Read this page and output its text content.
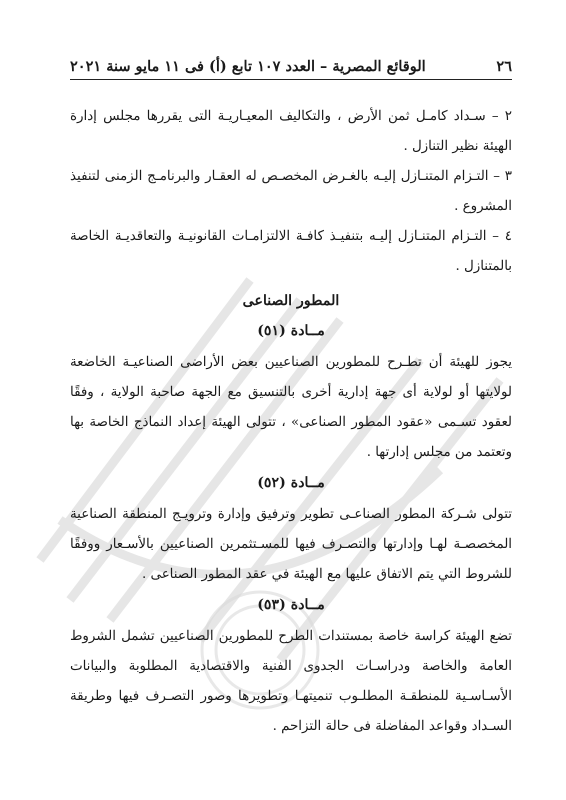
٢٦
الوقائع المصرية – العدد ١٠٧ تابع (أ) فى ١١ مايو سنة ٢٠٢١

٢ – سـداد كامـل ثمن الأرض ، والتكاليف المعيـاريـة التى يقررها مجلس إدارة الهيئة نظير التنازل .

٣ – التـزام المتنـازل إليـه بالغـرض المخصـص له العقـار والبرنامـج الزمنى لتنفيذ المشروع .

٤ – التـزام المتنـازل إليـه بتنفيـذ كافـة الالتزامـات القانونيـة والتعاقديـة الخاصة بالمتنازل .

المطور الصناعى

مــادة (٥١)

يجوز للهيئة أن تطـرح للمطورين الصناعيين بعض الأراضى الصناعيـة الخاضعة لولايتها أو لولاية أى جهة إدارية أخرى بالتنسيق مع الجهة صاحبة الولاية ، وفقًا لعقود تسـمى «عقود المطور الصناعى» ، تتولى الهيئة إعداد النماذج الخاصة بها وتعتمد من مجلس إدارتها .

مــادة (٥٢)

تتولى شـركة المطور الصناعـى تطوير وترفيق وإدارة وترويـج المنطقة الصناعية المخصصـة لهـا وإدارتها والتصـرف فيها للمسـتثمرين الصناعيين بالأسـعار ووفقًا للشروط التي يتم الاتفاق عليها مع الهيئة في عقد المطور الصناعى .

مــادة (٥٣)

تضع الهيئة كراسة خاصة بمستندات الطرح للمطورين الصناعيين تشمل الشروط العامة والخاصة ودراسـات الجدوى الفنية والاقتصادية المطلوبة والبيانات الأسـاسـية للمنطقـة المطلـوب تنميتهـا وتطويرها وصور التصـرف فيها وطريقة السـداد وقواعد المفاضلة فى حالة التزاحم .
